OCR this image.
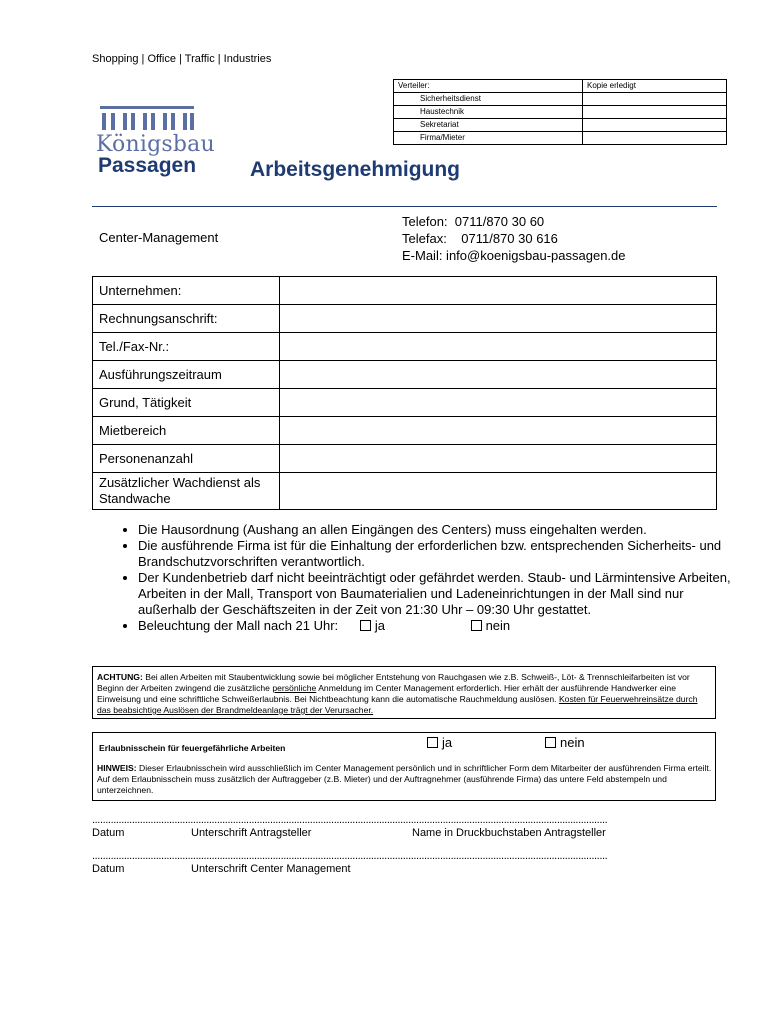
Shopping | Office | Traffic | Industries
Verteiler:	Kopie erledigt
Sicherheitsdienst	
Haustechnik	
Sekretariat	
Firma/Mieter	
Königsbau
Passagen	Arbeitsgenehmigung
Center-Management
Telefon:  0711/870 30 60
Telefax:    0711/870 30 616
E-Mail: info@koenigsbau-passagen.de
Unternehmen:	
Rechnungsanschrift:	
Tel./Fax-Nr.:	
Ausführungszeitraum	
Grund, Tätigkeit	
Mietbereich	
Personenanzahl	
Zusätzlicher Wachdienst als Standwache	
• Die Hausordnung (Aushang an allen Eingängen des Centers) muss eingehalten werden.
• Die ausführende Firma ist für die Einhaltung der erforderlichen bzw. entsprechenden Sicherheits- und Brandschutzvorschriften verantwortlich.
• Der Kundenbetrieb darf nicht beeinträchtigt oder gefährdet werden. Staub- und Lärmintensive Arbeiten, Arbeiten in der Mall, Transport von Baumaterialien und Ladeneinrichtungen in der Mall sind nur außerhalb der Geschäftszeiten in der Zeit von 21:30 Uhr – 09:30 Uhr gestattet.
• Beleuchtung der Mall nach 21 Uhr:	ja	nein
ACHTUNG: Bei allen Arbeiten mit Staubentwicklung sowie bei möglicher Entstehung von Rauchgasen wie z.B. Schweiß-, Löt- & Trennschleifarbeiten ist vor Beginn der Arbeiten zwingend die zusätzliche persönliche Anmeldung im Center Management erforderlich. Hier erhält der ausführende Handwerker eine Einweisung und eine schriftliche Schweißerlaubnis. Bei Nichtbeachtung kann die automatische Rauchmeldung auslösen. Kosten für Feuerwehreinsätze durch das beabsichtige Auslösen der Brandmeldeanlage trägt der Verursacher.
Erlaubnisschein für feuergefährliche Arbeiten	ja	nein
HINWEIS: Dieser Erlaubnisschein wird ausschließlich im Center Management persönlich und in schriftlicher Form dem Mitarbeiter der ausführenden Firma erteilt. Auf dem Erlaubnisschein muss zusätzlich der Auftraggeber (z.B. Mieter) und der Auftragnehmer (ausführende Firma) das untere Feld abstempeln und unterzeichnen.
..................................................................................................................................................................................................
Datum	Unterschrift Antragsteller	Name in Druckbuchstaben Antragsteller
..................................................................................................................................................................................................
Datum	Unterschrift Center Management
